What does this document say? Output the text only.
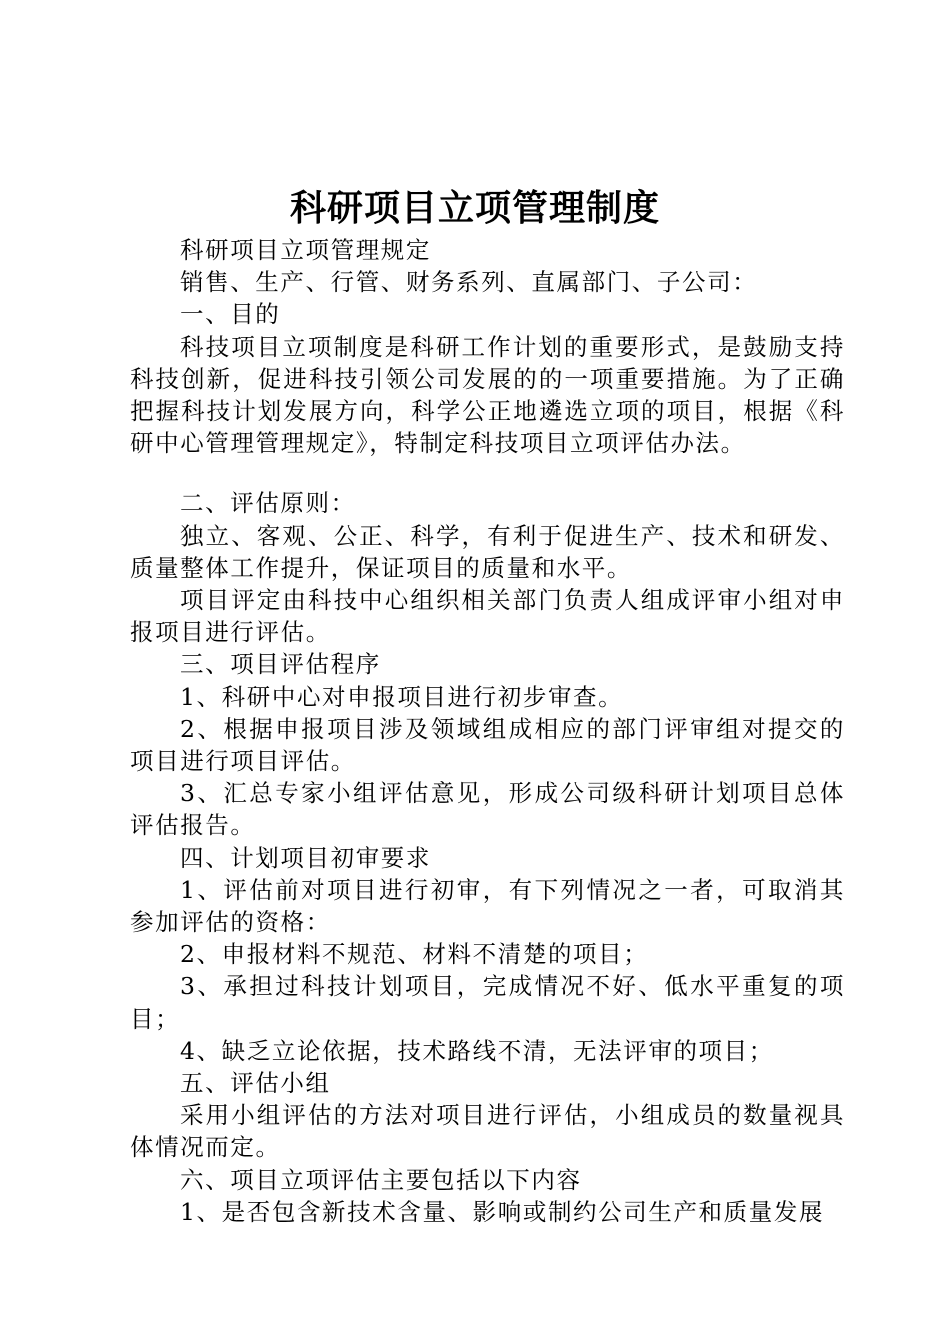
科研项目立项管理制度

科研项目立项管理规定

销售、生产、行管、财务系列、直属部门、子公司：

一、目的

科技项目立项制度是科研工作计划的重要形式，是鼓励支持科技创新，促进科技引领公司发展的的一项重要措施。为了正确把握科技计划发展方向，科学公正地遴选立项的项目，根据《科研中心管理管理规定》，特制定科技项目立项评估办法。

二、评估原则：

独立、客观、公正、科学，有利于促进生产、技术和研发、质量整体工作提升，保证项目的质量和水平。

项目评定由科技中心组织相关部门负责人组成评审小组对申报项目进行评估。

三、项目评估程序

1、科研中心对申报项目进行初步审查。

2、根据申报项目涉及领域组成相应的部门评审组对提交的项目进行项目评估。

3、汇总专家小组评估意见，形成公司级科研计划项目总体评估报告。

四、计划项目初审要求

1、评估前对项目进行初审，有下列情况之一者，可取消其参加评估的资格：

2、申报材料不规范、材料不清楚的项目；

3、承担过科技计划项目，完成情况不好、低水平重复的项目；

4、缺乏立论依据，技术路线不清，无法评审的项目；

五、评估小组

采用小组评估的方法对项目进行评估，小组成员的数量视具体情况而定。

六、项目立项评估主要包括以下内容

1、是否包含新技术含量、影响或制约公司生产和质量发展
